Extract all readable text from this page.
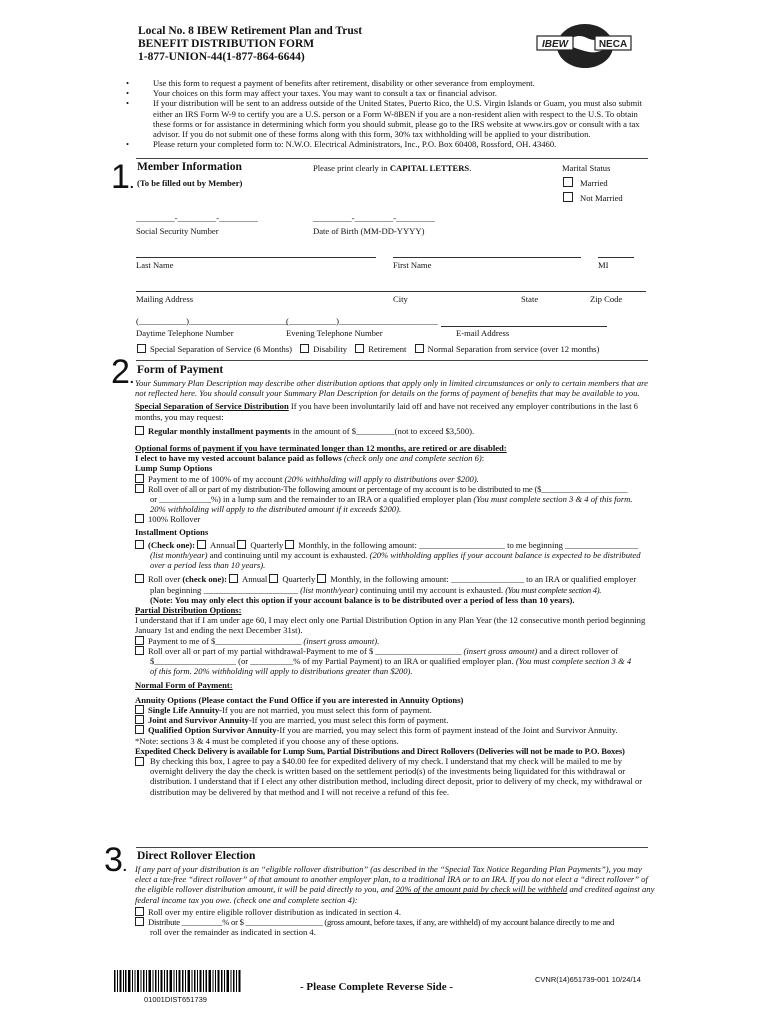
Local No. 8 IBEW Retirement Plan and Trust
BENEFIT DISTRIBUTION FORM
1-877-UNION-44(1-877-864-6644)
IBEW	NECA
• Use this form to request a payment of benefits after retirement, disability or other severance from employment.
• Your choices on this form may affect your taxes. You may want to consult a tax or financial advisor.
• If your distribution will be sent to an address outside of the United States, Puerto Rico, the U.S. Virgin Islands or Guam, you must also submit either an IRS Form W-9 to certify you are a U.S. person or a Form W-8BEN if you are a non-resident alien with respect to the U.S. To obtain these forms or for assistance in determining which form you should submit, please go to the IRS website at www.irs.gov or consult with a tax advisor. If you do not submit one of these forms along with this form, 30% tax withholding will be applied to your distribution.
• Please return your completed form to: N.W.O. Electrical Administrators, Inc., P.O. Box 60408, Rossford, OH. 43460.
1.
Member Information
(To be filled out by Member)
Please print clearly in CAPITAL LETTERS.	Marital Status
Married
Not Married
_________-_________-_________	_________-_________-_________
Social Security Number	Date of Birth (MM-DD-YYYY)
Last Name	First Name	MI
Mailing Address	City	State	Zip Code
(___________)_______________________
(___________)_______________________
Daytime Telephone Number	Evening Telephone Number	E-mail Address
Special Separation of Service (6 Months) Disability Retirement Normal Separation from service (over 12 months)
2. Form of Payment
Your Summary Plan Description may describe other distribution options that apply only in limited circumstances or only to certain members that are not reflected here. You should consult your Summary Plan Description for details on the forms of payment of benefits that may be available to you.
Special Separation of Service Distribution If you have been involuntarily laid off and have not received any employer contributions in the last 6 months, you may request:
Regular monthly installment payments in the amount of $_________(not to exceed $3,500).
Optional forms of payment if you have terminated longer than 12 months, are retired or are disabled:
I elect to have my vested account balance paid as follows (check only one and complete section 6):
Lump Sump Options
Payment to me of 100% of my account (20% withholding will apply to distributions over $200).
Roll over of all or part of my distribution-The following amount or percentage of my account is to be distributed to me ($_____________________
or ____________%) in a lump sum and the remainder to an IRA or a qualified employer plan (You must complete section 3 & 4 of this form.
20% withholding will apply to the distributed amount if it exceeds $200).
100% Rollover
Installment Options
(Check one): Annual Quarterly Monthly, in the following amount: ____________________ to me beginning _________________
(list month/year) and continuing until my account is exhausted. (20% withholding applies if your account balance is expected to be distributed over a period less than 10 years).
Roll over (check one): Annual Quarterly Monthly, in the following amount: _________________ to an IRA or qualified employer
plan beginning ______________________ (list month/year) continuing until my account is exhausted. (You must complete section 4).
(Note: You may only elect this option if your account balance is to be distributed over a period of less than 10 years).
Partial Distribution Options:
I understand that if I am under age 60, I may elect only one Partial Distribution Option in any Plan Year (the 12 consecutive month period beginning January 1st and ending the next December 31st).
Payment to me of $____________________ (insert gross amount).
Roll over all or part of my partial withdrawal-Payment to me of $ ____________________ (insert gross amount) and a direct rollover of
$___________________ (or __________% of my Partial Payment) to an IRA or qualified employer plan. (You must complete section 3 & 4
of this form. 20% withholding will apply to distributions greater than $200).
Normal Form of Payment:
Annuity Options (Please contact the Fund Office if you are interested in Annuity Options)
Single Life Annuity-If you are not married, you must select this form of payment.
Joint and Survivor Annuity-If you are married, you must select this form of payment.
Qualified Option Survivor Annuity-If you are married, you may select this form of payment instead of the Joint and Survivor Annuity.
*Note: sections 3 & 4 must be completed if you choose any of these options.
Expedited Check Delivery is available for Lump Sum, Partial Distributions and Direct Rollovers (Deliveries will not be made to P.O. Boxes)
By checking this box, I agree to pay a $40.00 fee for expedited delivery of my check. I understand that my check will be mailed to me by overnight delivery the day the check is written based on the settlement period(s) of the investments being liquidated for this withdrawal or distribution. I understand that if I elect any other distribution method, including direct deposit, prior to delivery of my check, my withdrawal or distribution may be delivered by that method and I will not receive a refund of this fee.
3.
Direct Rollover Election
If any part of your distribution is an “eligible rollover distribution” (as described in the “Special Tax Notice Regarding Plan Payments”), you may elect a tax-free “direct rollover” of that amount to another employer plan, to a traditional IRA or to an IRA. If you do not elect a “direct rollover” of the eligible rollover distribution amount, it will be paid directly to you, and 20% of the amount paid by check will be withheld and credited against any federal income tax you owe. (check one and complete section 4):
Roll over my entire eligible rollover distribution as indicated in section 4.
Distribute __________% or $ ___________________ (gross amount, before taxes, if any, are withheld) of my account balance directly to me and
roll over the remainder as indicated in section 4.
01001DIST651739
- Please Complete Reverse Side -
CVNR(14)651739-001 10/24/14
